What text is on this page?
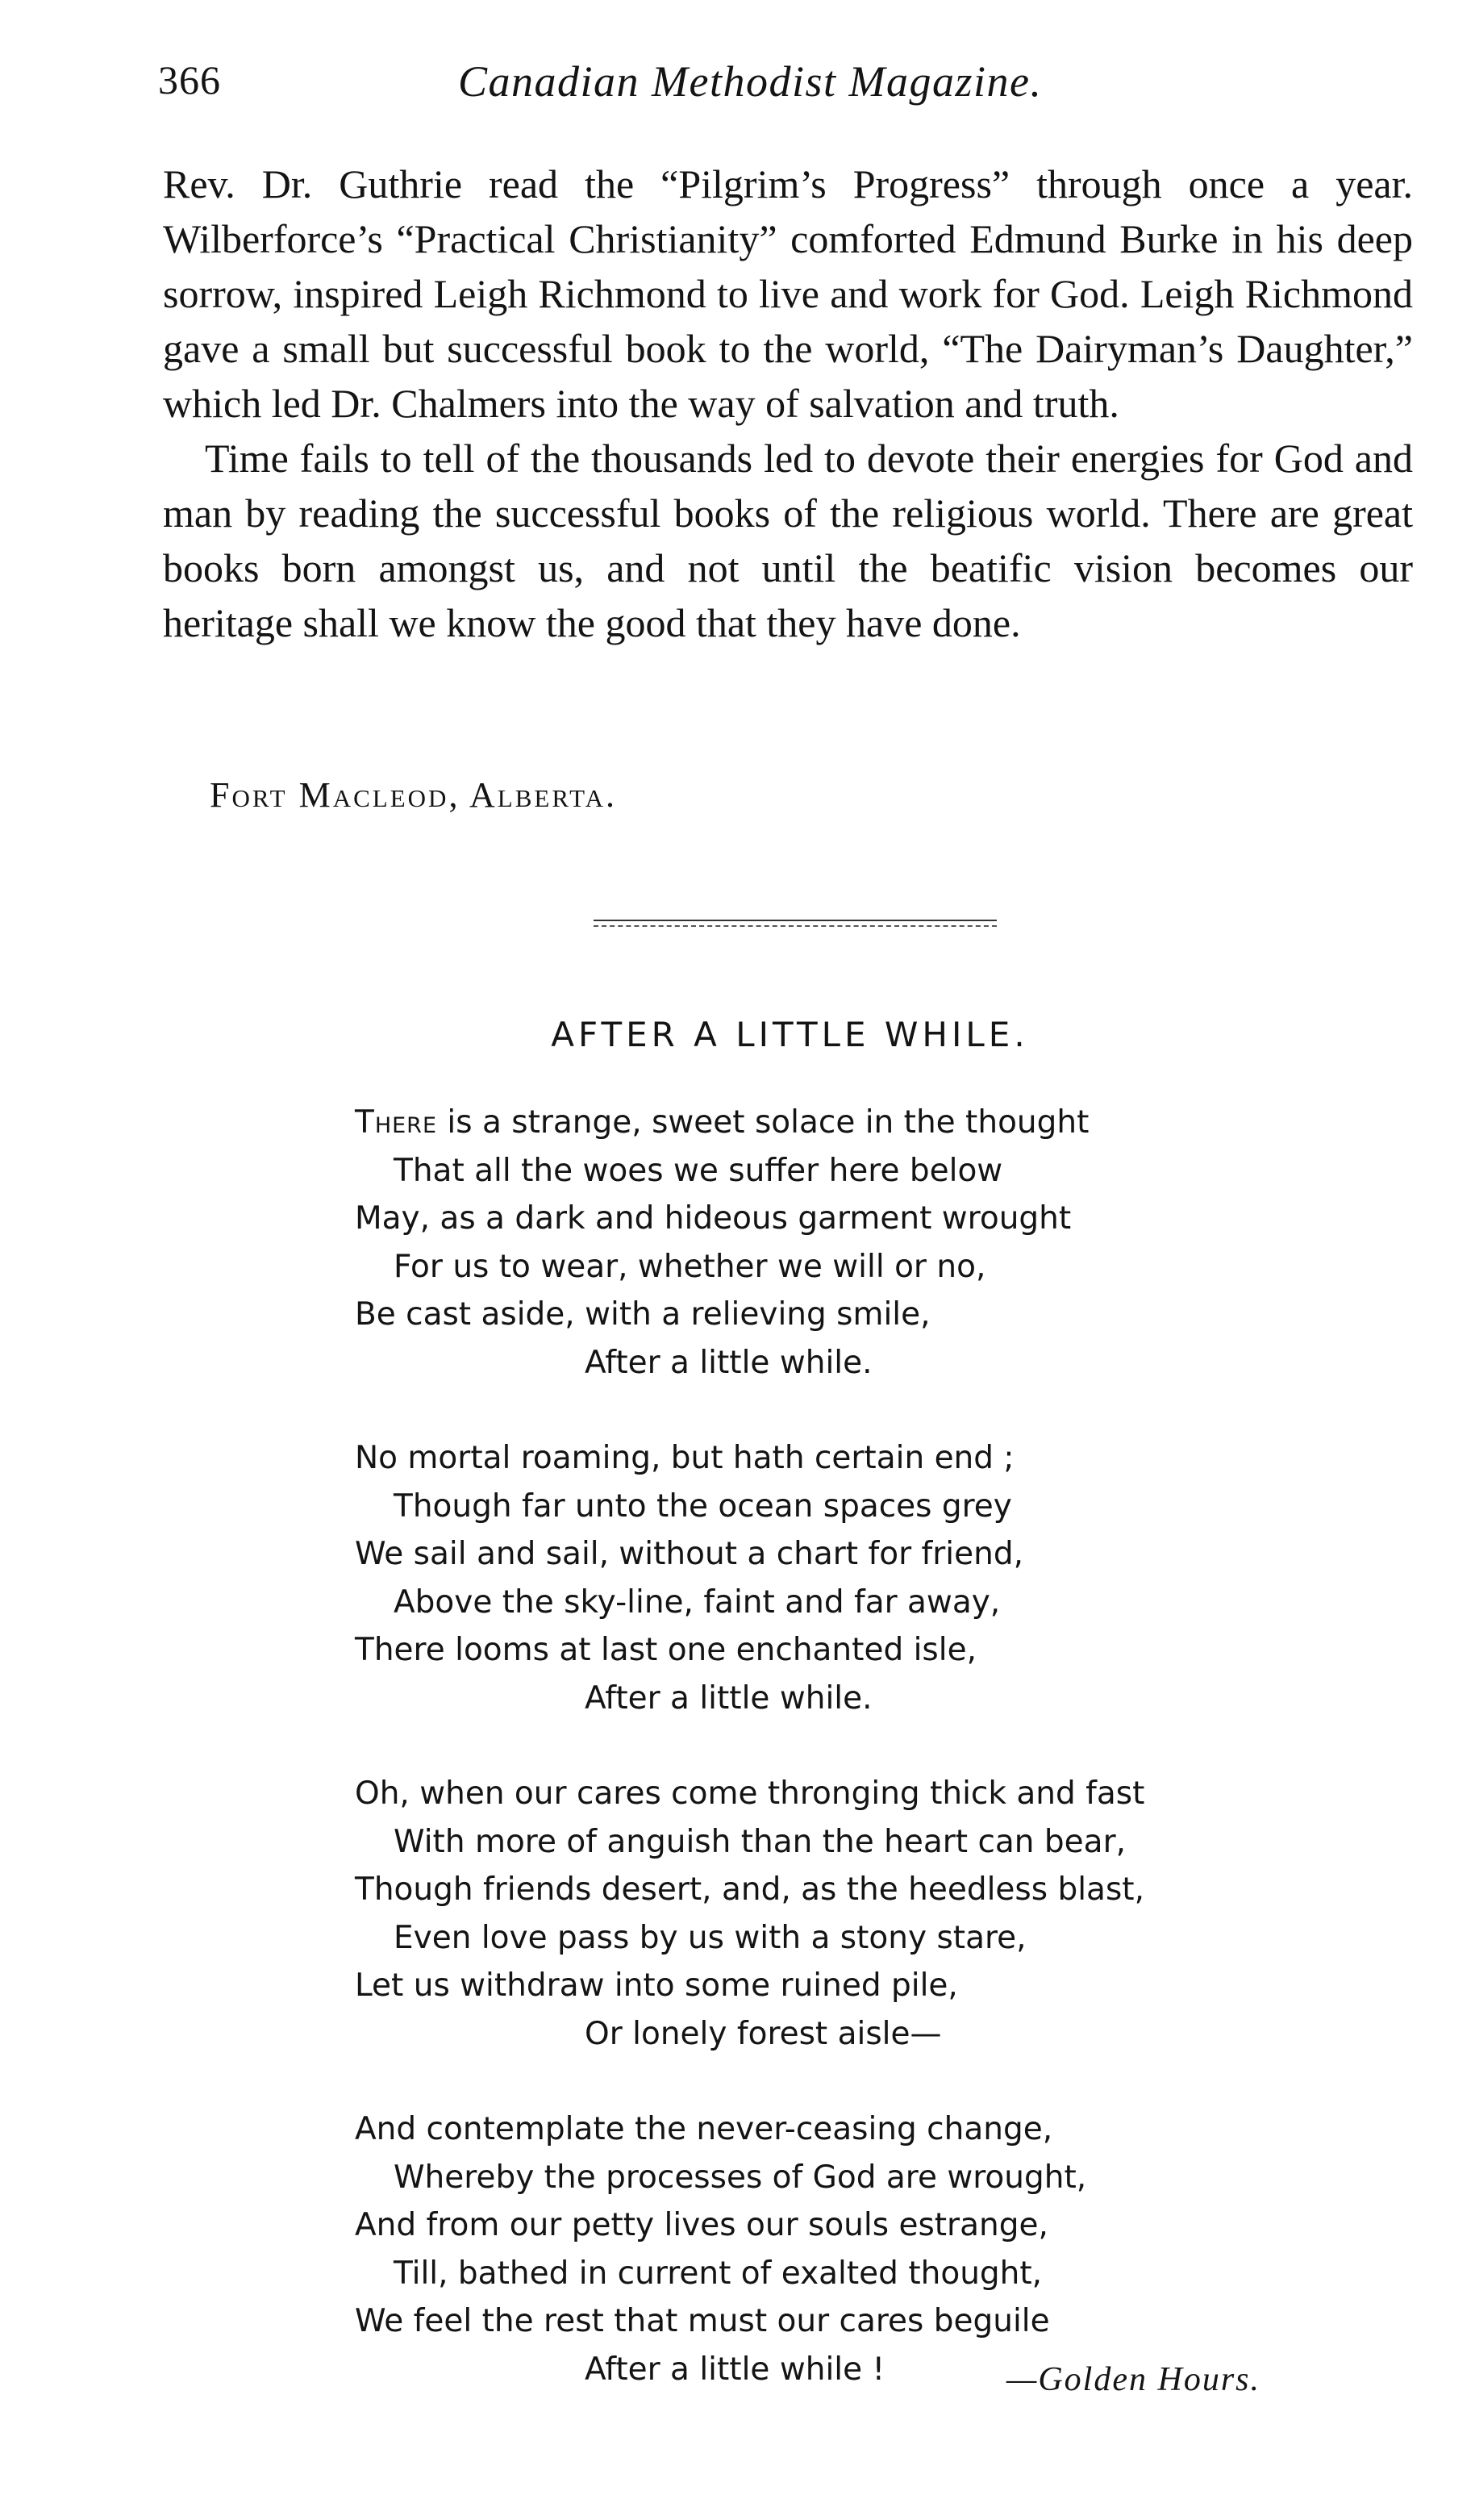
366	Canadian Methodist Magazine.

Rev. Dr. Guthrie read the “Pilgrim’s Progress” through once a year. Wilberforce’s “Practical Christianity” comforted Edmund Burke in his deep sorrow, inspired Leigh Richmond to live and work for God. Leigh Richmond gave a small but successful book to the world, “The Dairyman’s Daughter,” which led Dr. Chalmers into the way of salvation and truth.

Time fails to tell of the thousands led to devote their energies for God and man by reading the successful books of the religious world. There are great books born amongst us, and not until the beatific vision becomes our heritage shall we know the good that they have done.

Fort Macleod, Alberta.
AFTER A LITTLE WHILE.
There is a strange, sweet solace in the thought
That all the woes we suffer here below
May, as a dark and hideous garment wrought
For us to wear, whether we will or no,
Be cast aside, with a relieving smile,
After a little while.
No mortal roaming, but hath certain end ;
Though far unto the ocean spaces grey
We sail and sail, without a chart for friend,
Above the sky-line, faint and far away,
There looms at last one enchanted isle,
After a little while.
Oh, when our cares come thronging thick and fast
With more of anguish than the heart can bear,
Though friends desert, and, as the heedless blast,
Even love pass by us with a stony stare,
Let us withdraw into some ruined pile,
Or lonely forest aisle—
And contemplate the never-ceasing change,
Whereby the processes of God are wrought,
And from our petty lives our souls estrange,
Till, bathed in current of exalted thought,
We feel the rest that must our cares beguile
After a little while !	—Golden Hours.
